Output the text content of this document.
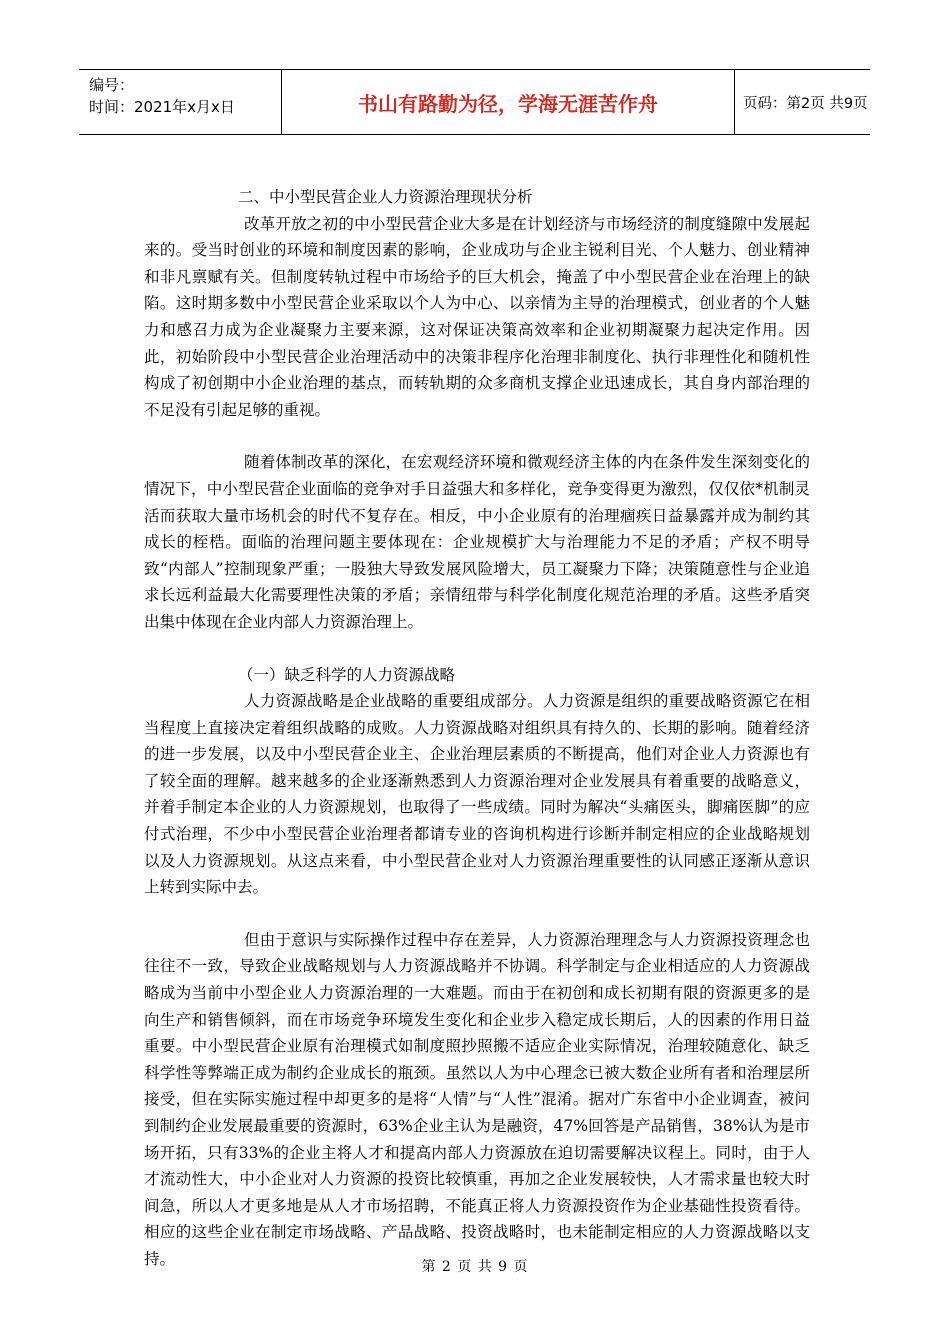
编号：
时间：2021年x月x日	书山有路勤为径，学海无涯苦作舟	页码：第2页 共9页

二、中小型民营企业人力资源治理现状分析

改革开放之初的中小型民营企业大多是在计划经济与市场经济的制度缝隙中发展起来的。受当时创业的环境和制度因素的影响，企业成功与企业主锐利目光、个人魅力、创业精神和非凡禀赋有关。但制度转轨过程中市场给予的巨大机会，掩盖了中小型民营企业在治理上的缺陷。这时期多数中小型民营企业采取以个人为中心、以亲情为主导的治理模式，创业者的个人魅力和感召力成为企业凝聚力主要来源，这对保证决策高效率和企业初期凝聚力起决定作用。因此，初始阶段中小型民营企业治理活动中的决策非程序化治理非制度化、执行非理性化和随机性构成了初创期中小企业治理的基点，而转轨期的众多商机支撑企业迅速成长，其自身内部治理的不足没有引起足够的重视。

随着体制改革的深化，在宏观经济环境和微观经济主体的内在条件发生深刻变化的情况下，中小型民营企业面临的竞争对手日益强大和多样化，竞争变得更为激烈，仅仅依*机制灵活而获取大量市场机会的时代不复存在。相反，中小企业原有的治理痼疾日益暴露并成为制约其成长的桎梏。面临的治理问题主要体现在：企业规模扩大与治理能力不足的矛盾；产权不明导致“内部人”控制现象严重；一股独大导致发展风险增大，员工凝聚力下降；决策随意性与企业追求长远利益最大化需要理性决策的矛盾；亲情纽带与科学化制度化规范治理的矛盾。这些矛盾突出集中体现在企业内部人力资源治理上。

（一）缺乏科学的人力资源战略

人力资源战略是企业战略的重要组成部分。人力资源是组织的重要战略资源它在相当程度上直接决定着组织战略的成败。人力资源战略对组织具有持久的、长期的影响。随着经济的进一步发展，以及中小型民营企业主、企业治理层素质的不断提高，他们对企业人力资源也有了较全面的理解。越来越多的企业逐渐熟悉到人力资源治理对企业发展具有着重要的战略意义，并着手制定本企业的人力资源规划，也取得了一些成绩。同时为解决“头痛医头，脚痛医脚”的应付式治理，不少中小型民营企业治理者都请专业的咨询机构进行诊断并制定相应的企业战略规划以及人力资源规划。从这点来看，中小型民营企业对人力资源治理重要性的认同感正逐渐从意识上转到实际中去。

但由于意识与实际操作过程中存在差异，人力资源治理理念与人力资源投资理念也往往不一致，导致企业战略规划与人力资源战略并不协调。科学制定与企业相适应的人力资源战略成为当前中小型企业人力资源治理的一大难题。而由于在初创和成长初期有限的资源更多的是向生产和销售倾斜，而在市场竞争环境发生变化和企业步入稳定成长期后，人的因素的作用日益重要。中小型民营企业原有治理模式如制度照抄照搬不适应企业实际情况，治理较随意化、缺乏科学性等弊端正成为制约企业成长的瓶颈。虽然以人为中心理念已被大数企业所有者和治理层所接受，但在实际实施过程中却更多的是将“人情”与“人性”混淆。据对广东省中小企业调查，被问到制约企业发展最重要的资源时，63%企业主认为是融资，47%回答是产品销售，38%认为是市场开拓，只有33%的企业主将人才和提高内部人力资源放在迫切需要解决议程上。同时，由于人才流动性大，中小企业对人力资源的投资比较慎重，再加之企业发展较快，人才需求量也较大时间急，所以人才更多地是从人才市场招聘，不能真正将人力资源投资作为企业基础性投资看待。相应的这些企业在制定市场战略、产品战略、投资战略时，也未能制定相应的人力资源战略以支持。	第 2 页 共 9 页
